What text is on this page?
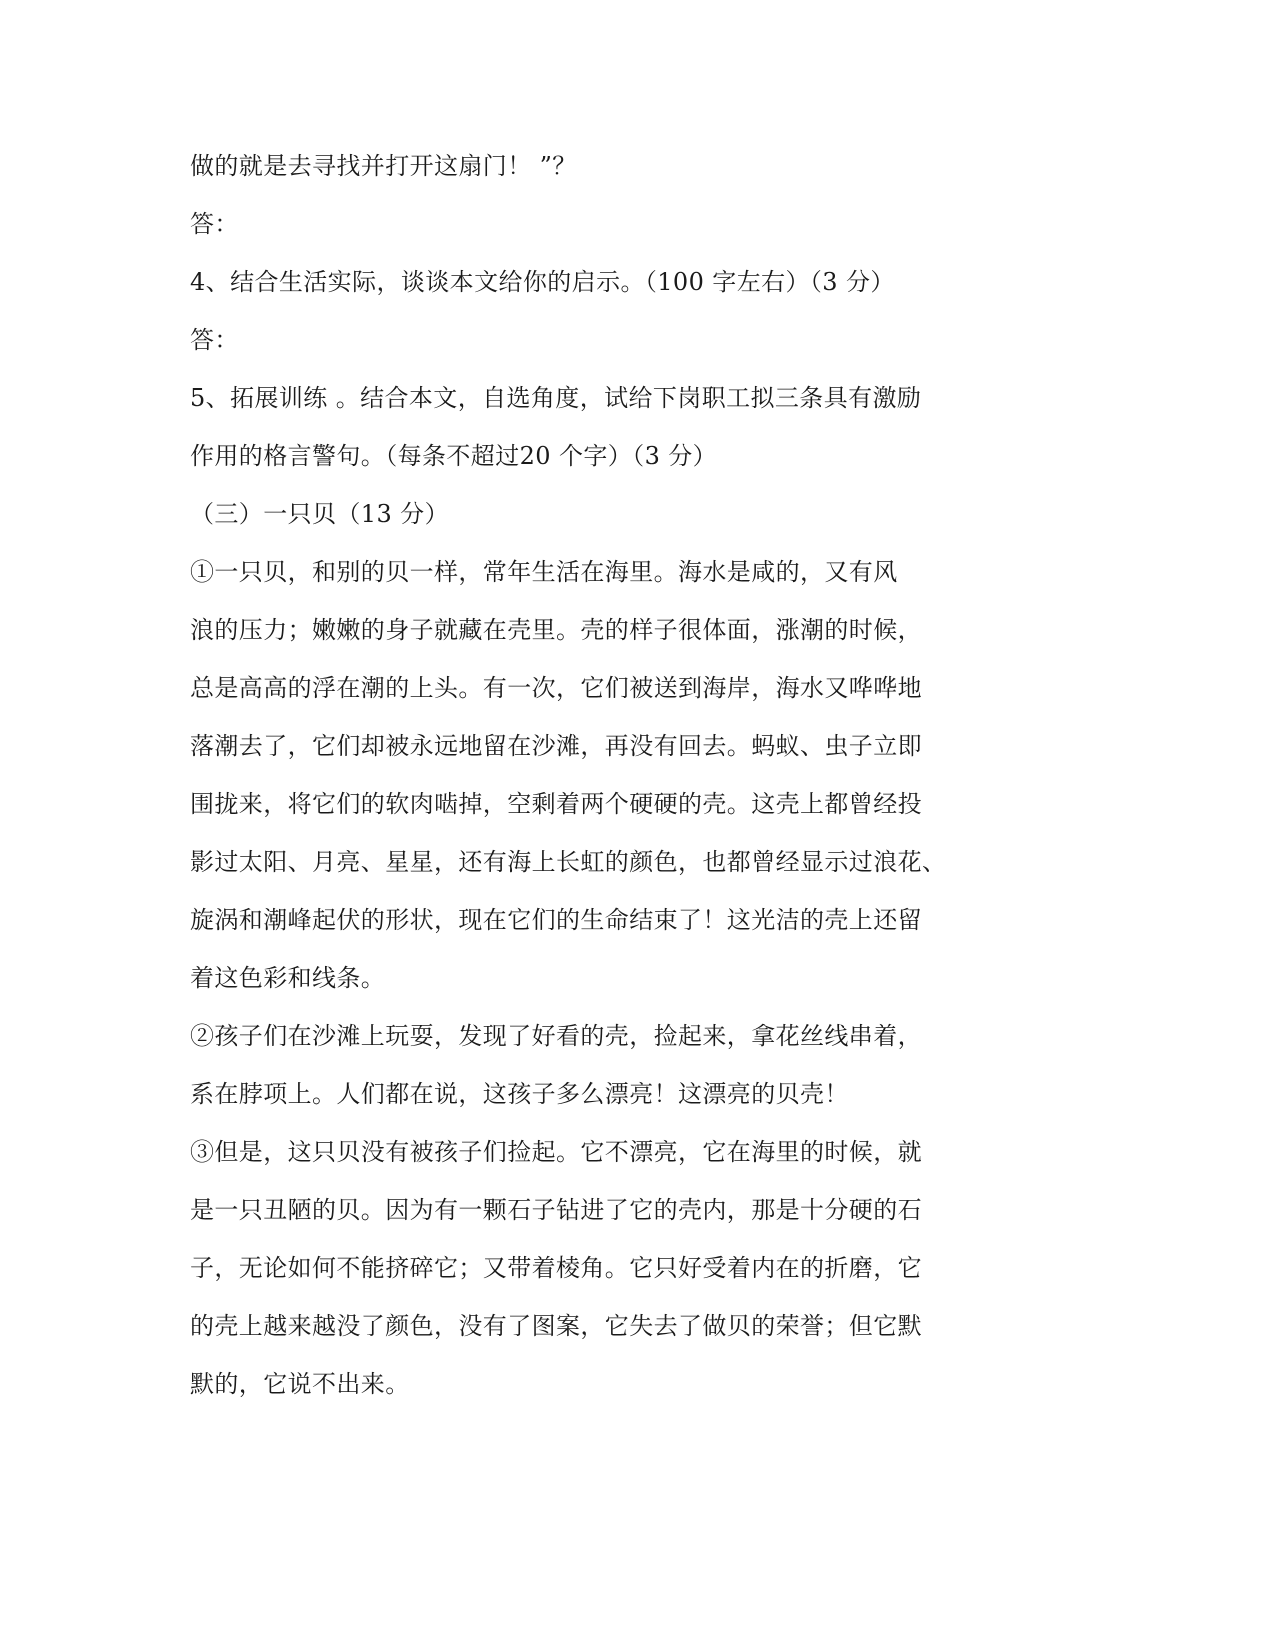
做的就是去寻找并打开这扇门！ ”？
答：
4、结合生活实际，谈谈本文给你的启示。（100 字左右）（3 分）
答：
5、拓展训练 。结合本文，自选角度，试给下岗职工拟三条具有激励
作用的格言警句。（每条不超过20 个字）（3 分）
（三）一只贝（13 分）
①一只贝，和别的贝一样，常年生活在海里。海水是咸的，又有风
浪的压力；嫩嫩的身子就藏在壳里。壳的样子很体面，涨潮的时候，
总是高高的浮在潮的上头。有一次，它们被送到海岸，海水又哗哗地
落潮去了，它们却被永远地留在沙滩，再没有回去。蚂蚁、虫子立即
围拢来，将它们的软肉啮掉，空剩着两个硬硬的壳。这壳上都曾经投
影过太阳、月亮、星星，还有海上长虹的颜色，也都曾经显示过浪花、
旋涡和潮峰起伏的形状，现在它们的生命结束了！这光洁的壳上还留
着这色彩和线条。
②孩子们在沙滩上玩耍，发现了好看的壳，捡起来，拿花丝线串着，
系在脖项上。人们都在说，这孩子多么漂亮！这漂亮的贝壳！
③但是，这只贝没有被孩子们捡起。它不漂亮，它在海里的时候，就
是一只丑陋的贝。因为有一颗石子钻进了它的壳内，那是十分硬的石
子，无论如何不能挤碎它；又带着棱角。它只好受着内在的折磨，它
的壳上越来越没了颜色，没有了图案，它失去了做贝的荣誉；但它默
默的，它说不出来。
